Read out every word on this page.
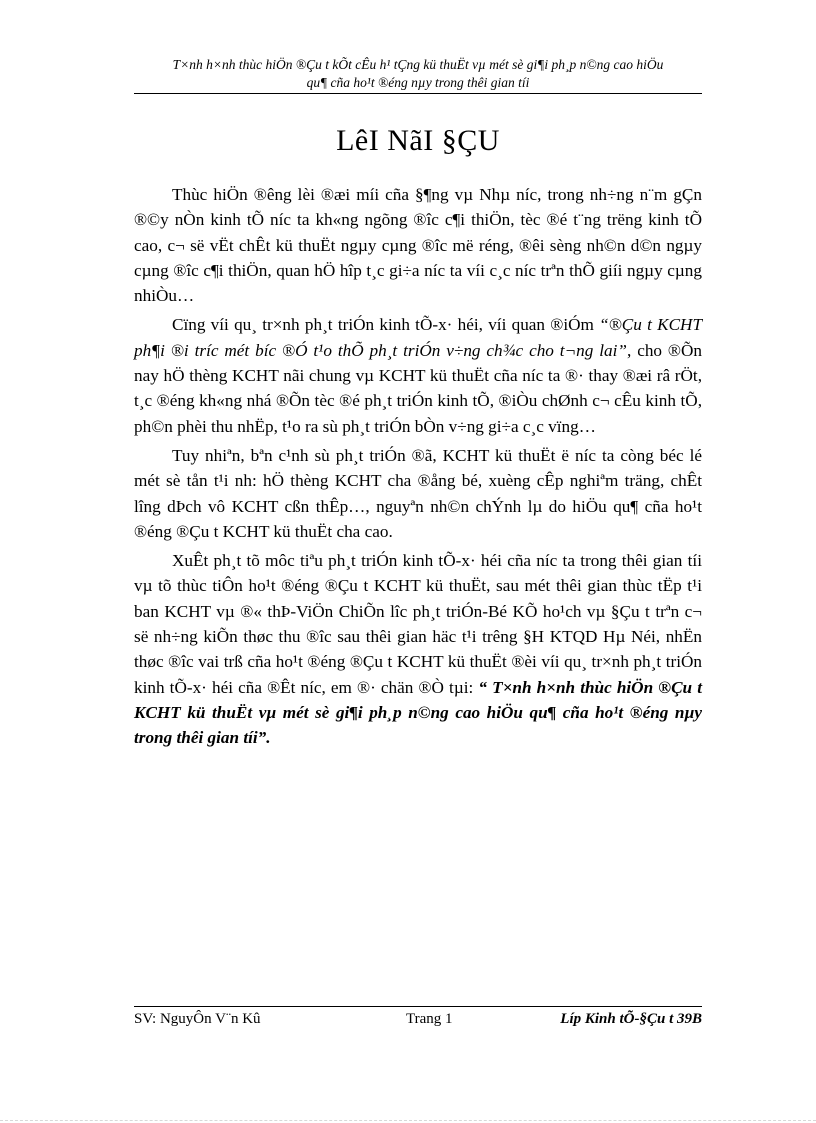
T×nh h×nh thùc hiÖn ®Çu t kÕt cÊu h¹ tÇng kü thuËt vµ mét sè gi¶i ph¸p n©ng cao hiÖu
qu¶ cña ho¹t ®éng nµy trong thêi gian tíi
LêI NãI §ÇU

Thùc hiÖn ®êng lèi ®æi míi cña §¶ng vµ Nhµ níc, trong nh÷ng n¨m gÇn ®©y nÒn kinh tÕ níc ta kh«ng ngõng ®îc c¶i thiÖn, tèc ®é t¨ng trëng kinh tÕ cao, c¬ së vËt chÊt kü thuËt ngµy cµng ®îc më réng, ®êi sèng nh©n d©n ngµy cµng ®îc c¶i thiÖn, quan hÖ hîp t¸c gi÷a níc ta víi c¸c níc trªn thÕ giíi ngµy cµng nhiÒu…

Cïng víi qu¸ tr×nh ph¸t triÓn kinh tÕ-x· héi, víi quan ®iÓm “®Çu t KCHT ph¶i ®i tríc mét bíc ®Ó t¹o thÕ ph¸t triÓn v÷ng ch¾c cho t¬ng lai”, cho ®Õn nay hÖ thèng KCHT nãi chung vµ KCHT kü thuËt cña níc ta ®· thay ®æi râ rÖt, t¸c ®éng kh«ng nhá ®Õn tèc ®é ph¸t triÓn kinh tÕ, ®iÒu chØnh c¬ cÊu kinh tÕ, ph©n phèi thu nhËp, t¹o ra sù ph¸t triÓn bÒn v÷ng gi÷a c¸c vïng…

Tuy nhiªn, bªn c¹nh sù ph¸t triÓn ®ã, KCHT kü thuËt ë níc ta còng béc lé mét sè tån t¹i nh: hÖ thèng KCHT cha ®ång bé, xuèng cÊp nghiªm träng, chÊt lîng dÞch vô KCHT cßn thÊp…, nguyªn nh©n chÝnh lµ do hiÖu qu¶ cña ho¹t ®éng ®Çu t KCHT kü thuËt cha cao.

XuÊt ph¸t tõ môc tiªu ph¸t triÓn kinh tÕ-x· héi cña níc ta trong thêi gian tíi vµ tõ thùc tiÔn ho¹t ®éng ®Çu t KCHT kü thuËt, sau mét thêi gian thùc tËp t¹i ban KCHT vµ ®« thÞ-ViÖn ChiÕn lîc ph¸t triÓn-Bé KÕ ho¹ch vµ §Çu t trªn c¬ së nh÷ng kiÕn thøc thu ®îc sau thêi gian häc t¹i trêng §H KTQD Hµ Néi, nhËn thøc ®îc vai trß cña ho¹t ®éng ®Çu t KCHT kü thuËt ®èi víi qu¸ tr×nh ph¸t triÓn kinh tÕ-x· héi cña ®Êt níc, em ®· chän ®Ò tµi: “ T×nh h×nh thùc hiÖn ®Çu t KCHT kü thuËt vµ mét sè gi¶i ph¸p n©ng cao hiÖu qu¶ cña ho¹t ®éng nµy trong thêi gian tíi”.

SV: NguyÔn V¨n Kû	Trang 1	Líp Kinh tÕ-§Çu t 39B
